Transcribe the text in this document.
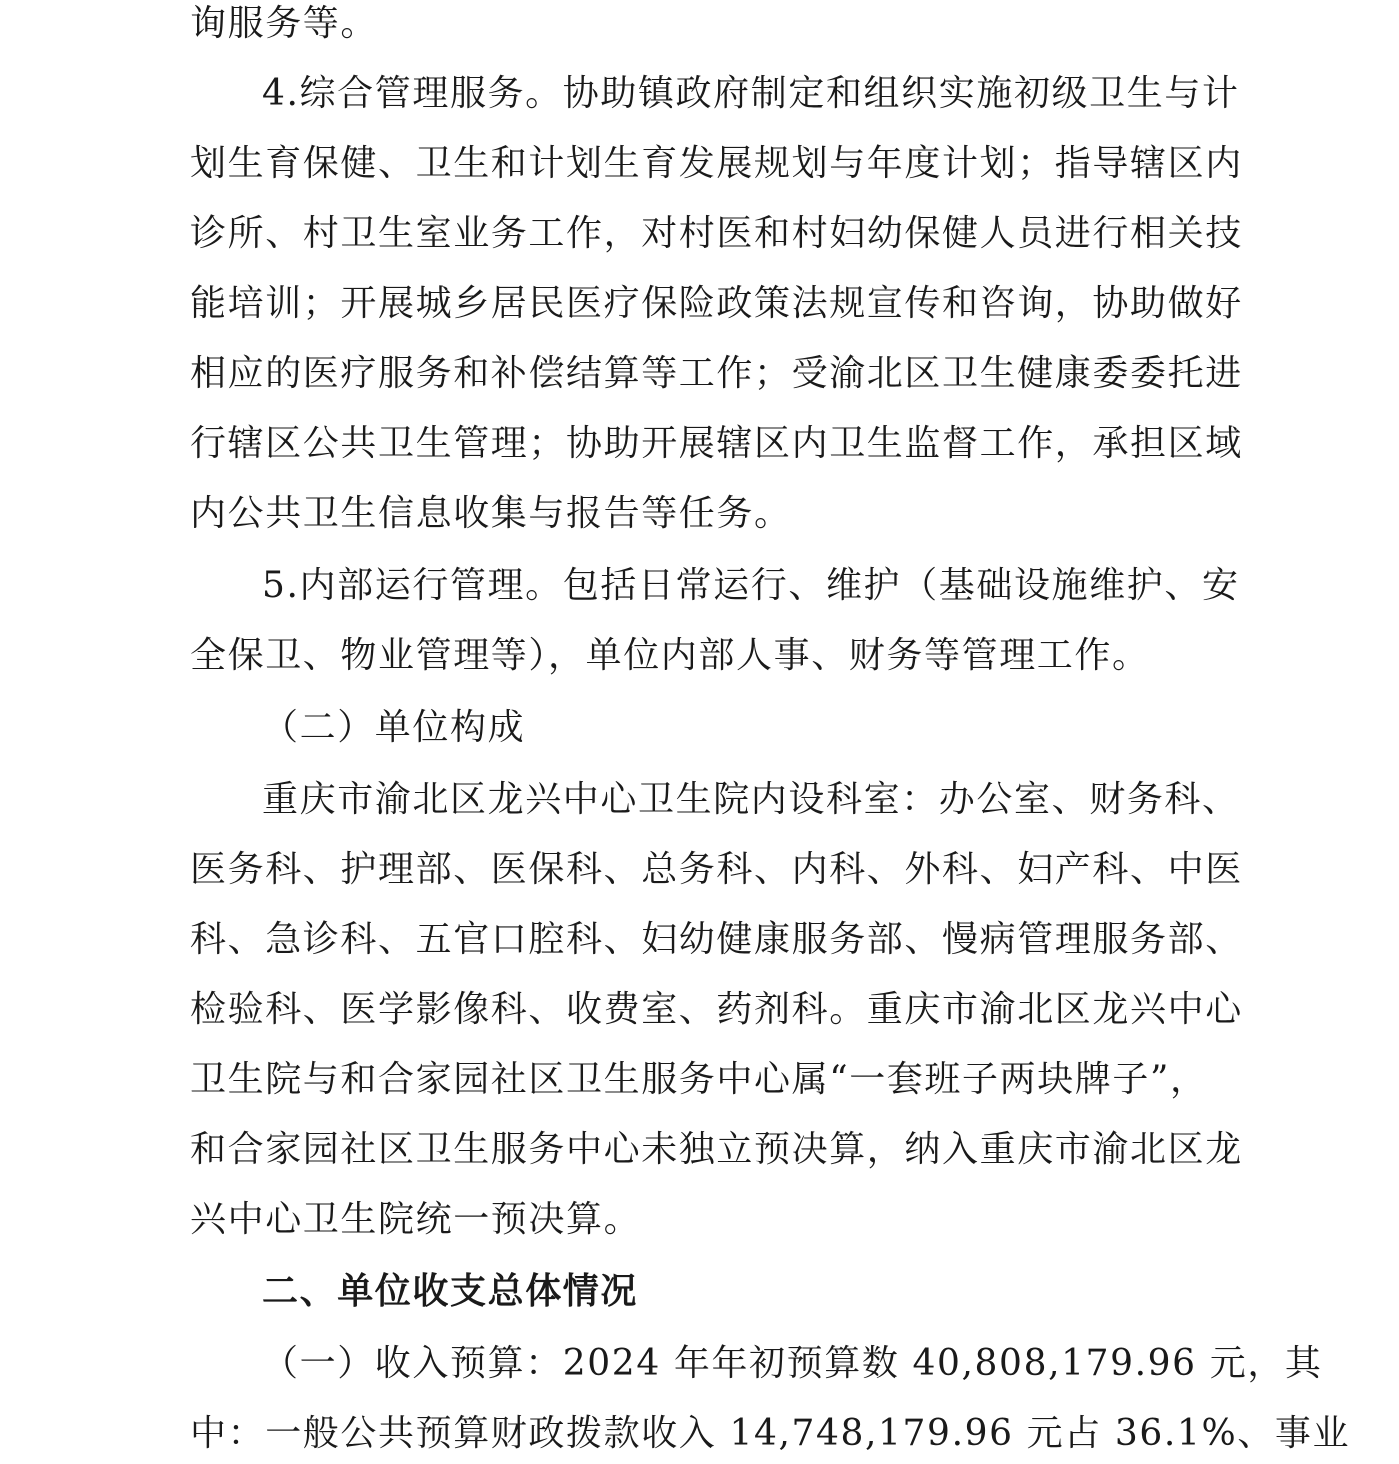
询服务等。
4.综合管理服务。协助镇政府制定和组织实施初级卫生与计
划生育保健、卫生和计划生育发展规划与年度计划；指导辖区内
诊所、村卫生室业务工作，对村医和村妇幼保健人员进行相关技
能培训；开展城乡居民医疗保险政策法规宣传和咨询，协助做好
相应的医疗服务和补偿结算等工作；受渝北区卫生健康委委托进
行辖区公共卫生管理；协助开展辖区内卫生监督工作，承担区域
内公共卫生信息收集与报告等任务。
5.内部运行管理。包括日常运行、维护（基础设施维护、安
全保卫、物业管理等），单位内部人事、财务等管理工作。
（二）单位构成
重庆市渝北区龙兴中心卫生院内设科室：办公室、财务科、
医务科、护理部、医保科、总务科、内科、外科、妇产科、中医
科、急诊科、五官口腔科、妇幼健康服务部、慢病管理服务部、
检验科、医学影像科、收费室、药剂科。重庆市渝北区龙兴中心
卫生院与和合家园社区卫生服务中心属“一套班子两块牌子”，
和合家园社区卫生服务中心未独立预决算，纳入重庆市渝北区龙
兴中心卫生院统一预决算。
二、单位收支总体情况
（一）收入预算：2024 年年初预算数 40,808,179.96 元，其
中：一般公共预算财政拨款收入 14,748,179.96 元占 36.1%、事业
